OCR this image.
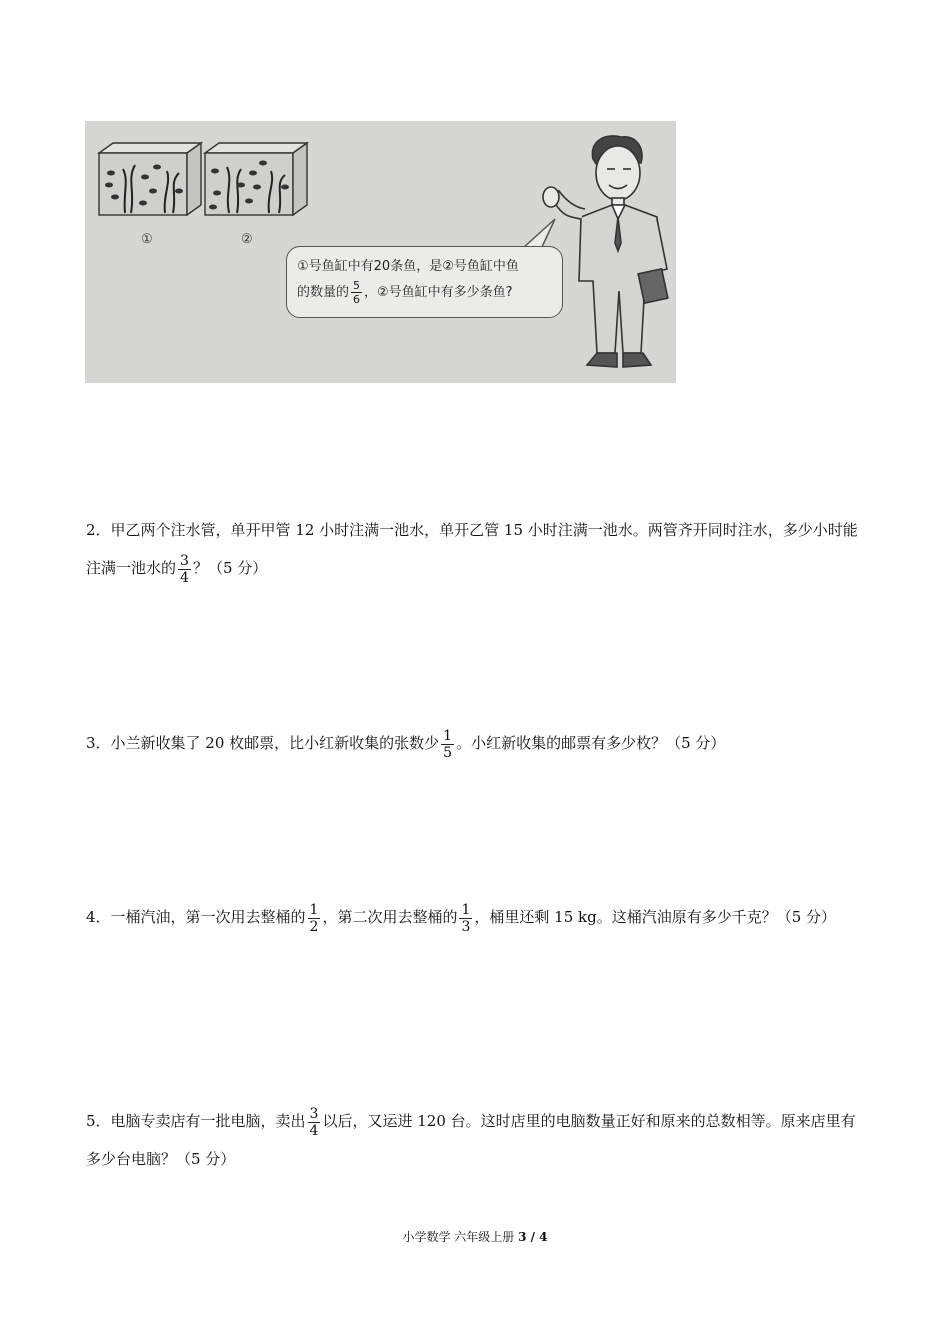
①	②
①号鱼缸中有20条鱼，是②号鱼缸中鱼
的数量的 $\frac{5}{6}$ ，②号鱼缸中有多少条鱼?
2．甲乙两个注水管，单开甲管 12 小时注满一池水，单开乙管 15 小时注满一池水。两管齐开同时注水，多少小时能注满一池水的 $\frac{3}{4}$ ？（5 分）
3．小兰新收集了 20 枚邮票，比小红新收集的张数少 $\frac{1}{5}$ 。小红新收集的邮票有多少枚？（5 分）
4．一桶汽油，第一次用去整桶的 $\frac{1}{2}$ ，第二次用去整桶的 $\frac{1}{3}$ ，桶里还剩 15 kg。这桶汽油原有多少千克？（5 分）
5．电脑专卖店有一批电脑，卖出 $\frac{3}{4}$ 以后，又运进 120 台。这时店里的电脑数量正好和原来的总数相等。原来店里有多少台电脑？（5 分）
小学数学 六年级上册 3 / 4
